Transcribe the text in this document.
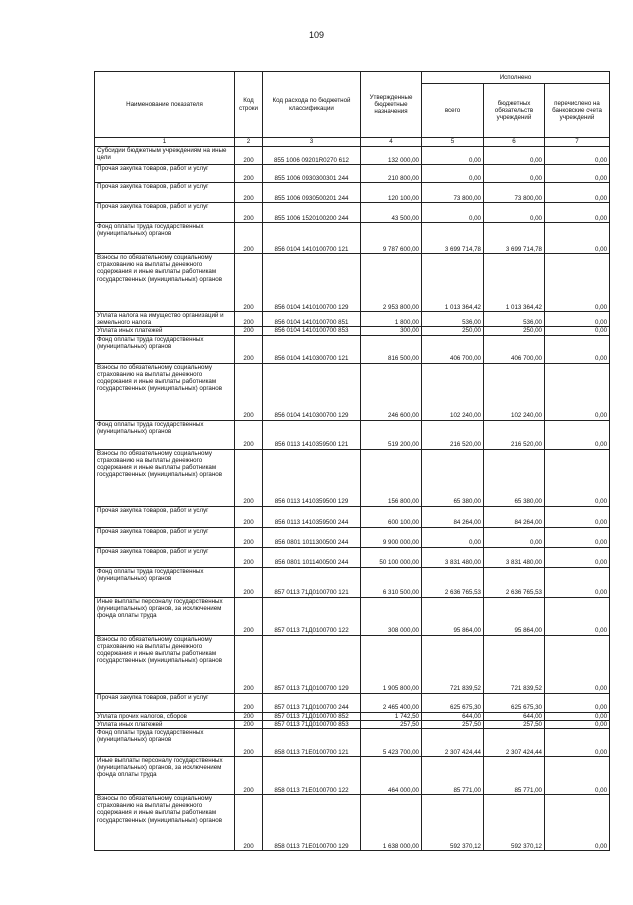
109
Наименование показателя	Код строки	Код расхода по бюджетной классификации	Утвержденные бюджетные назначения	Исполнено		
				всего	бюджетных обязательств учреждений	перечислено на банковские счета учреждений
1	2	3	4	5	6	7
Субсидии бюджетным учреждениям на иные цели	200	855 1006 09201R0270 612	132 000,00	0,00	0,00	0,00
Прочая закупка товаров, работ и услуг	200	855 1006 0930300301 244	210 800,00	0,00	0,00	0,00
Прочая закупка товаров, работ и услуг	200	855 1006 0930500201 244	120 100,00	73 800,00	73 800,00	0,00
Прочая закупка товаров, работ и услуг	200	855 1006 1520100200 244	43 500,00	0,00	0,00	0,00
Фонд оплаты труда государственных (муниципальных) органов	200	856 0104 1410100700 121	9 787 600,00	3 699 714,78	3 699 714,78	0,00
Взносы по обязательному социальному страхованию на выплаты денежного содержания и иные выплаты работникам государственных (муниципальных) органов	200	856 0104 1410100700 129	2 953 800,00	1 013 364,42	1 013 364,42	0,00
Уплата налога на имущество организаций и земельного налога	200	856 0104 1410100700 851	1 800,00	536,00	536,00	0,00
Уплата иных платежей	200	856 0104 1410100700 853	300,00	250,00	250,00	0,00
Фонд оплаты труда государственных (муниципальных) органов	200	856 0104 1410300700 121	816 500,00	406 700,00	406 700,00	0,00
Взносы по обязательному социальному страхованию на выплаты денежного содержания и иные выплаты работникам государственных (муниципальных) органов	200	856 0104 1410300700 129	246 600,00	102 240,00	102 240,00	0,00
Фонд оплаты труда государственных (муниципальных) органов	200	856 0113 1410359500 121	519 200,00	216 520,00	216 520,00	0,00
Взносы по обязательному социальному страхованию на выплаты денежного содержания и иные выплаты работникам государственных (муниципальных) органов	200	856 0113 1410359500 129	156 800,00	65 380,00	65 380,00	0,00
Прочая закупка товаров, работ и услуг	200	856 0113 1410359500 244	600 100,00	84 264,00	84 264,00	0,00
Прочая закупка товаров, работ и услуг	200	856 0801 1011300500 244	9 900 000,00	0,00	0,00	0,00
Прочая закупка товаров, работ и услуг	200	856 0801 1011400500 244	50 100 000,00	3 831 480,00	3 831 480,00	0,00
Фонд оплаты труда государственных (муниципальных) органов	200	857 0113 71Д0100700 121	6 310 500,00	2 636 765,53	2 636 765,53	0,00
Иные выплаты персоналу государственных (муниципальных) органов, за исключением фонда оплаты труда	200	857 0113 71Д0100700 122	308 000,00	95 864,00	95 864,00	0,00
Взносы по обязательному социальному страхованию на выплаты денежного содержания и иные выплаты работникам государственных (муниципальных) органов	200	857 0113 71Д0100700 129	1 905 800,00	721 839,52	721 839,52	0,00
Прочая закупка товаров, работ и услуг	200	857 0113 71Д0100700 244	2 465 400,00	625 675,30	625 675,30	0,00
Уплата прочих налогов, сборов	200	857 0113 71Д0100700 852	1 742,50	644,00	644,00	0,00
Уплата иных платежей	200	857 0113 71Д0100700 853	257,50	257,50	257,50	0,00
Фонд оплаты труда государственных (муниципальных) органов	200	858 0113 71Е0100700 121	5 423 700,00	2 307 424,44	2 307 424,44	0,00
Иные выплаты персоналу государственных (муниципальных) органов, за исключением фонда оплаты труда	200	858 0113 71Е0100700 122	464 000,00	85 771,00	85 771,00	0,00
Взносы по обязательному социальному страхованию на выплаты денежного содержания и иные выплаты работникам государственных (муниципальных) органов	200	858 0113 71Е0100700 129	1 638 000,00	592 370,12	592 370,12	0,00
